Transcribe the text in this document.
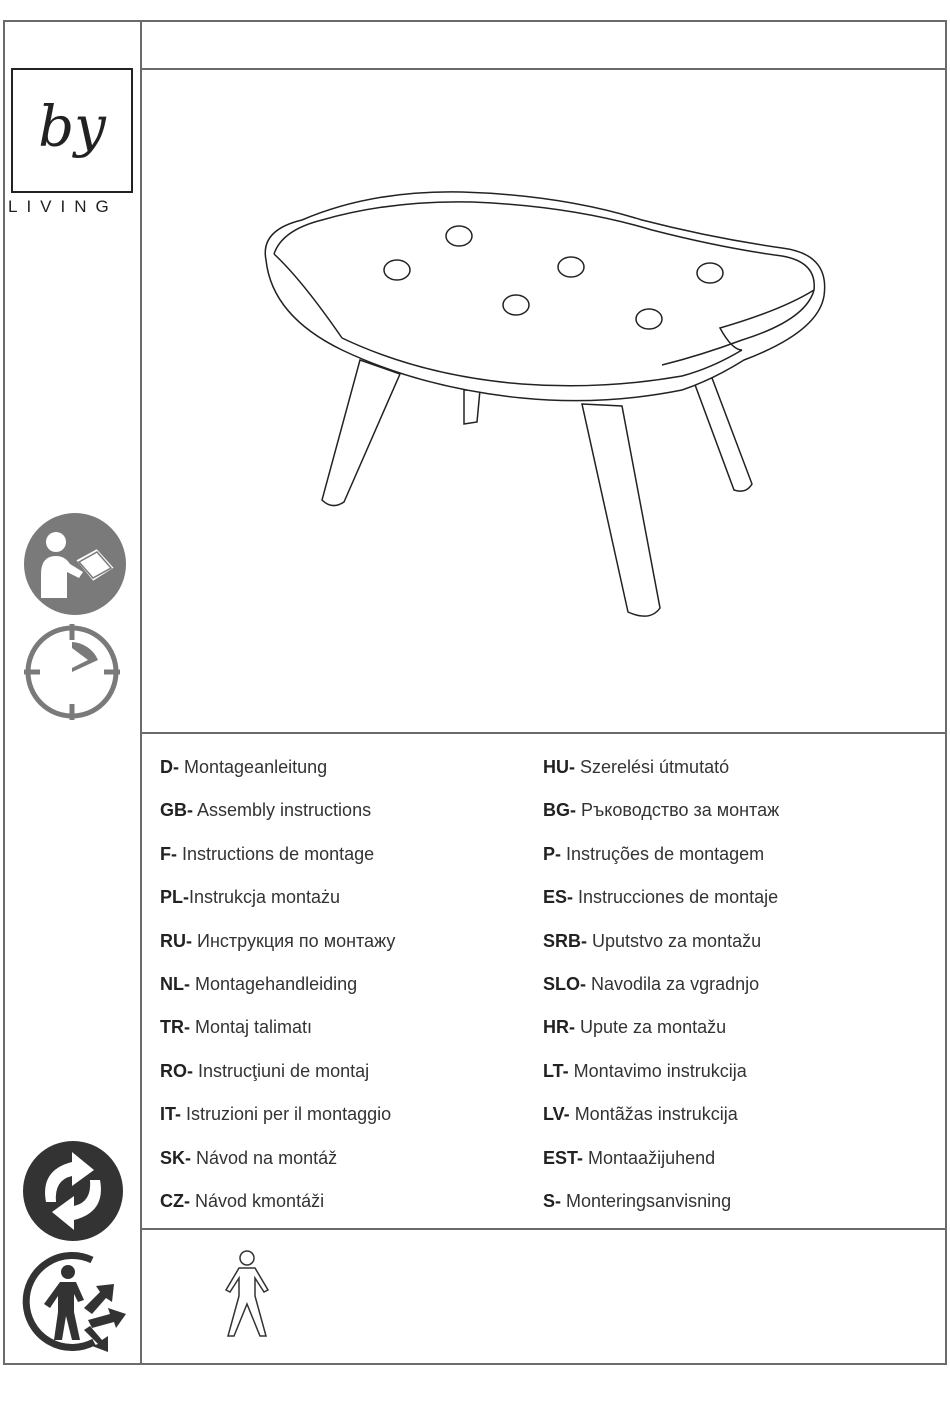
by
LIVING
D- Montageanleitung
GB- Assembly instructions
F- Instructions de montage
PL-Instrukcja montażu
RU- Инструкция по монтажу
NL- Montagehandleiding
TR- Montaj talimatı
RO- Instrucţiuni de montaj
IT- Istruzioni per il montaggio
SK- Návod na montáž
CZ- Návod kmontáži
HU- Szerelési útmutató
BG- Ръководство за монтаж
P- Instruções de montagem
ES- Instrucciones de montaje
SRB- Uputstvo za montažu
SLO- Navodila za vgradnjo
HR- Upute za montažu
LT- Montavimo instrukcija
LV- Montãžas instrukcija
EST- Montaažijuhend
S- Monteringsanvisning
